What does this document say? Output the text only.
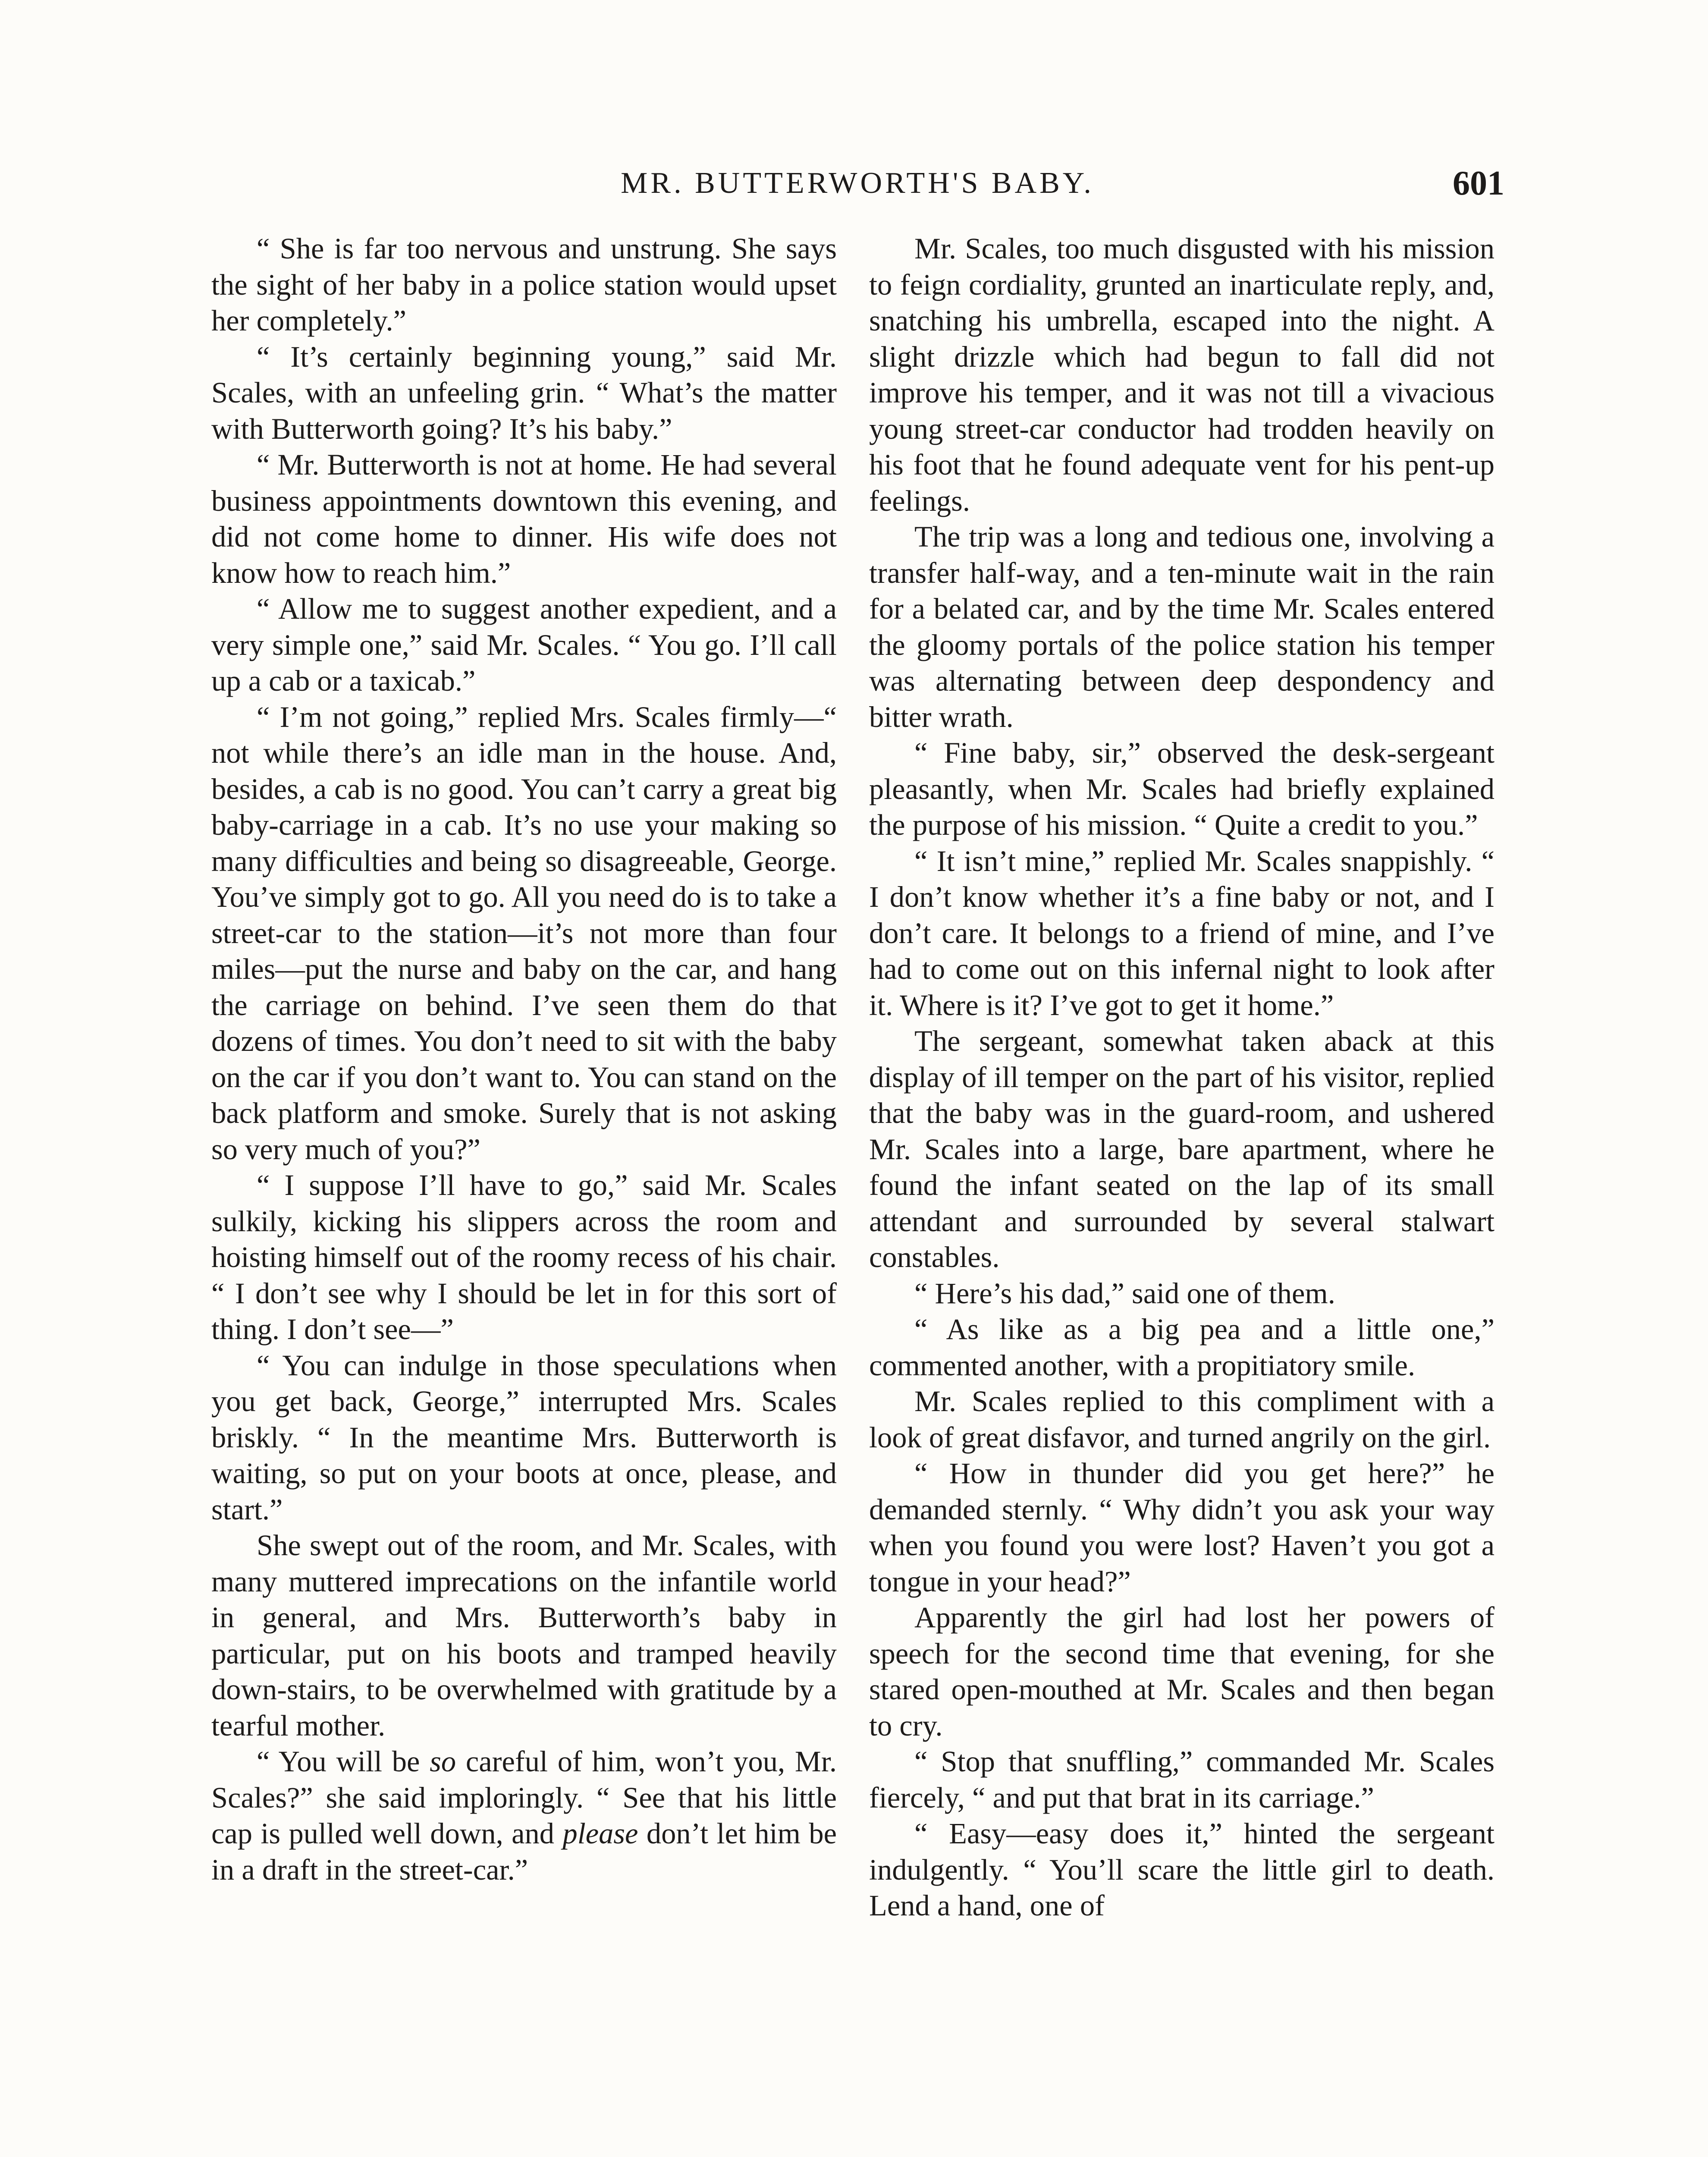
MR. BUTTERWORTH'S BABY.	601

“ She is far too nervous and unstrung. She says the sight of her baby in a police station would upset her completely.”

“ It’s certainly beginning young,” said Mr. Scales, with an unfeeling grin. “ What’s the matter with Butterworth going? It’s his baby.”

“ Mr. Butterworth is not at home. He had several business appointments downtown this evening, and did not come home to dinner. His wife does not know how to reach him.”

“ Allow me to suggest another expedient, and a very simple one,” said Mr. Scales. “ You go. I’ll call up a cab or a taxicab.”

“ I’m not going,” replied Mrs. Scales firmly—“ not while there’s an idle man in the house. And, besides, a cab is no good. You can’t carry a great big baby-carriage in a cab. It’s no use your making so many difficulties and being so disagreeable, George. You’ve simply got to go. All you need do is to take a street-car to the station—it’s not more than four miles—put the nurse and baby on the car, and hang the carriage on behind. I’ve seen them do that dozens of times. You don’t need to sit with the baby on the car if you don’t want to. You can stand on the back platform and smoke. Surely that is not asking so very much of you?”

“ I suppose I’ll have to go,” said Mr. Scales sulkily, kicking his slippers across the room and hoisting himself out of the roomy recess of his chair. “ I don’t see why I should be let in for this sort of thing. I don’t see—”

“ You can indulge in those speculations when you get back, George,” interrupted Mrs. Scales briskly. “ In the meantime Mrs. Butterworth is waiting, so put on your boots at once, please, and start.”

She swept out of the room, and Mr. Scales, with many muttered imprecations on the infantile world in general, and Mrs. Butterworth’s baby in particular, put on his boots and tramped heavily down-stairs, to be overwhelmed with gratitude by a tearful mother.

“ You will be so careful of him, won’t you, Mr. Scales?” she said imploringly. “ See that his little cap is pulled well down, and please don’t let him be in a draft in the street-car.”

Mr. Scales, too much disgusted with his mission to feign cordiality, grunted an inarticulate reply, and, snatching his umbrella, escaped into the night. A slight drizzle which had begun to fall did not improve his temper, and it was not till a vivacious young street-car conductor had trodden heavily on his foot that he found adequate vent for his pent-up feelings.

The trip was a long and tedious one, involving a transfer half-way, and a ten-minute wait in the rain for a belated car, and by the time Mr. Scales entered the gloomy portals of the police station his temper was alternating between deep despondency and bitter wrath.

“ Fine baby, sir,” observed the desk-sergeant pleasantly, when Mr. Scales had briefly explained the purpose of his mission. “ Quite a credit to you.”

“ It isn’t mine,” replied Mr. Scales snappishly. “ I don’t know whether it’s a fine baby or not, and I don’t care. It belongs to a friend of mine, and I’ve had to come out on this infernal night to look after it. Where is it? I’ve got to get it home.”

The sergeant, somewhat taken aback at this display of ill temper on the part of his visitor, replied that the baby was in the guard-room, and ushered Mr. Scales into a large, bare apartment, where he found the infant seated on the lap of its small attendant and surrounded by several stalwart constables.

“ Here’s his dad,” said one of them.

“ As like as a big pea and a little one,” commented another, with a propitiatory smile.

Mr. Scales replied to this compliment with a look of great disfavor, and turned angrily on the girl.

“ How in thunder did you get here?” he demanded sternly. “ Why didn’t you ask your way when you found you were lost? Haven’t you got a tongue in your head?”

Apparently the girl had lost her powers of speech for the second time that evening, for she stared open-mouthed at Mr. Scales and then began to cry.

“ Stop that snuffling,” commanded Mr. Scales fiercely, “ and put that brat in its carriage.”

“ Easy—easy does it,” hinted the sergeant indulgently. “ You’ll scare the little girl to death. Lend a hand, one of
